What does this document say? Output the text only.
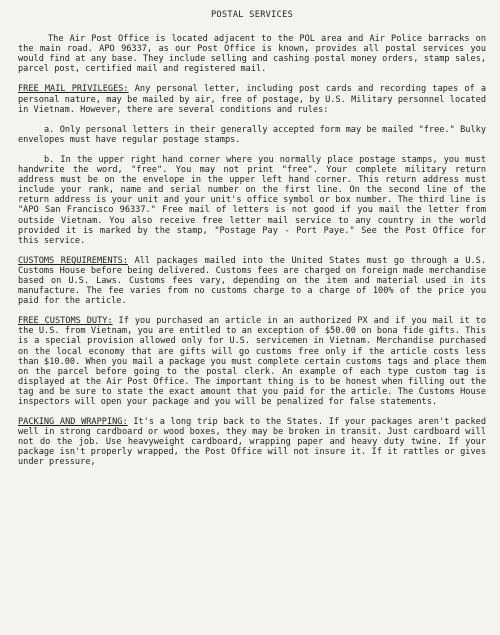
POSTAL SERVICES

The Air Post Office is located adjacent to the POL area and Air Police barracks on the main road. APO 96337, as our Post Office is known, provides all postal services you would find at any base. They include selling and cashing postal money orders, stamp sales, parcel post, certified mail and registered mail.

FREE MAIL PRIVILEGES: Any personal letter, including post cards and recording tapes of a personal nature, may be mailed by air, free of postage, by U.S. Military personnel located in Vietnam. However, there are several conditions and rules:

a. Only personal letters in their generally accepted form may be mailed "free." Bulky envelopes must have regular postage stamps.

b. In the upper right hand corner where you normally place postage stamps, you must handwrite the word, "free". You may not print "free". Your complete military return address must be on the envelope in the upper left hand corner. This return address must include your rank, name and serial number on the first line. On the second line of the return address is your unit and your unit's office symbol or box number. The third line is "APO San Francisco 96337." Free mail of letters is not good if you mail the letter from outside Vietnam. You also receive free letter mail service to any country in the world provided it is marked by the stamp, "Postage Pay - Port Paye." See the Post Office for this service.

CUSTOMS REQUIREMENTS: All packages mailed into the United States must go through a U.S. Customs House before being delivered. Customs fees are charged on foreign made merchandise based on U.S. Laws. Customs fees vary, depending on the item and material used in its manufacture. The fee varies from no customs charge to a charge of 100% of the price you paid for the article.

FREE CUSTOMS DUTY: If you purchased an article in an authorized PX and if you mail it to the U.S. from Vietnam, you are entitled to an exception of $50.00 on bona fide gifts. This is a special provision allowed only for U.S. servicemen in Vietnam. Merchandise purchased on the local economy that are gifts will go customs free only if the article costs less than $10.00. When you mail a package you must complete certain customs tags and place them on the parcel before going to the postal clerk. An example of each type custom tag is displayed at the Air Post Office. The important thing is to be honest when filling out the tag and be sure to state the exact amount that you paid for the article. The Customs House inspectors will open your package and you will be penalized for false statements.

PACKING AND WRAPPING: It's a long trip back to the States. If your packages aren't packed well in strong cardboard or wood boxes, they may be broken in transit. Just cardboard will not do the job. Use heavyweight cardboard, wrapping paper and heavy duty twine. If your package isn't properly wrapped, the Post Office will not insure it. If it rattles or gives under pressure,
